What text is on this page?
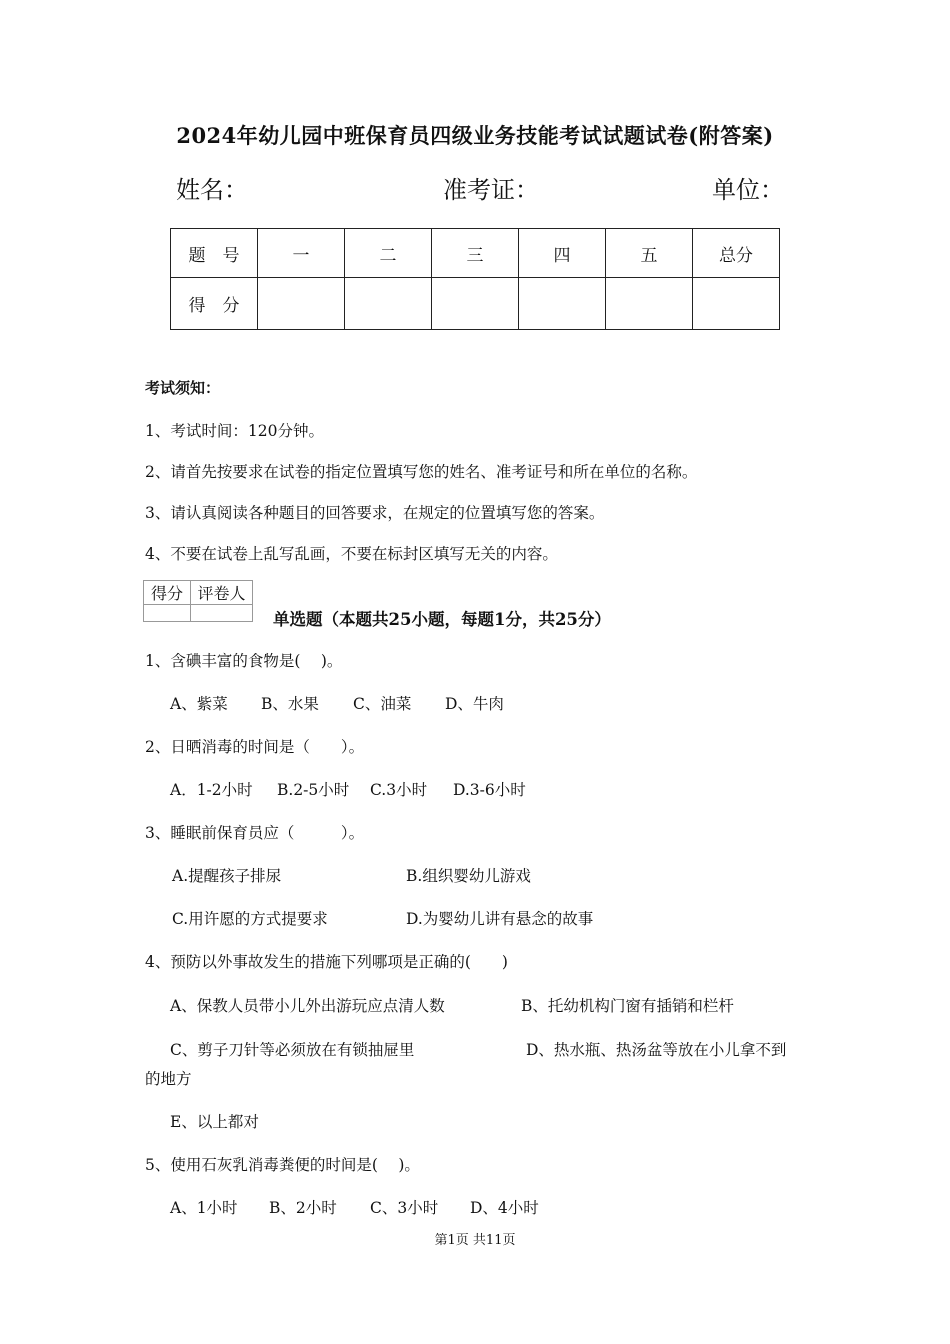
2024年幼儿园中班保育员四级业务技能考试试题试卷(附答案)
姓名：	准考证：	单位：
题　号	一	二	三	四	五	总分
得　分						
考试须知：
1、考试时间：120分钟。
2、请首先按要求在试卷的指定位置填写您的姓名、准考证号和所在单位的名称。
3、请认真阅读各种题目的回答要求，在规定的位置填写您的答案。
4、不要在试卷上乱写乱画，不要在标封区填写无关的内容。
得分	评卷人

单选题（本题共25小题，每题1分，共25分）
1、含碘丰富的食物是(　 )。
A、紫菜 B、水果 C、油菜 D、牛肉
2、日晒消毒的时间是（　　）。
A．1-2小时 B.2-5小时 C.3小时 D.3-6小时
3、睡眠前保育员应（　　　）。
A.提醒孩子排尿	B.组织婴幼儿游戏
C.用许愿的方式提要求	D.为婴幼儿讲有悬念的故事
4、预防以外事故发生的措施下列哪项是正确的(　　)
A、保教人员带小儿外出游玩应点清人数	B、托幼机构门窗有插销和栏杆
C、剪子刀针等必须放在有锁抽屉里	D、热水瓶、热汤盆等放在小儿拿不到
的地方
E、以上都对
5、使用石灰乳消毒粪便的时间是(　 )。
A、1小时 B、2小时 C、3小时 D、4小时
第1页 共11页
